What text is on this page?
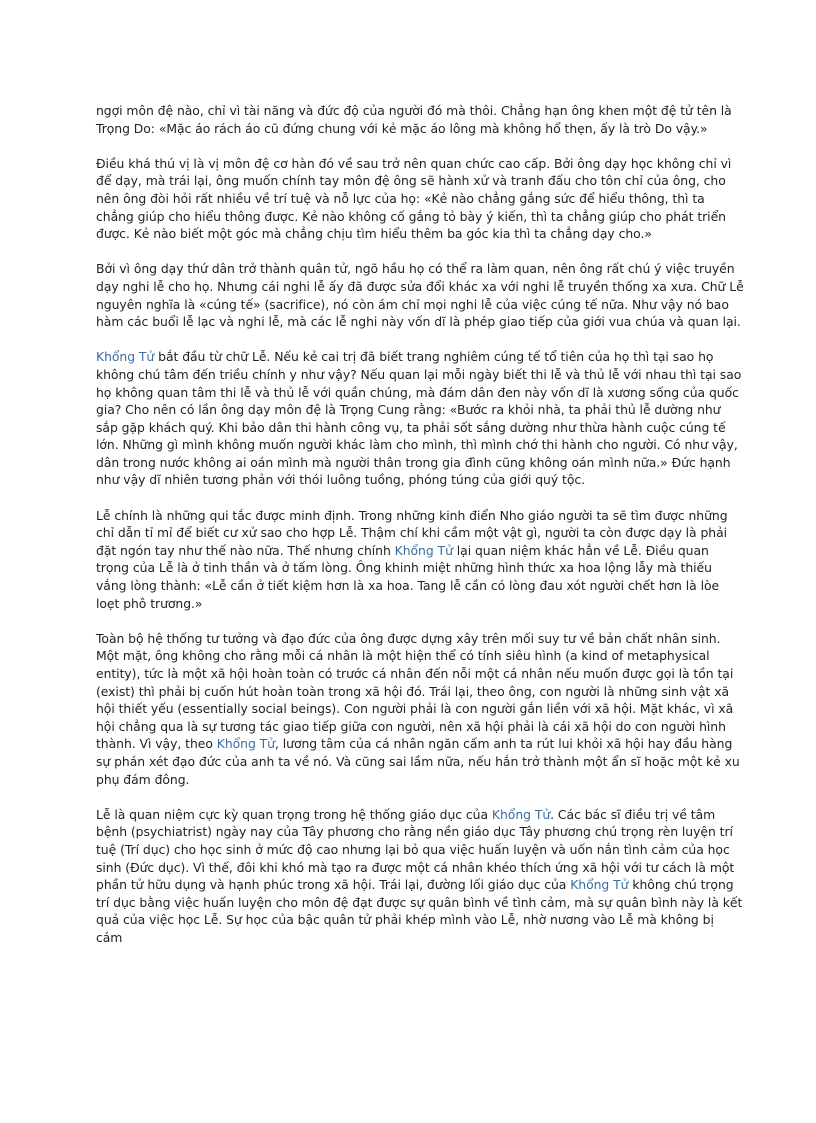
ngợi môn đệ nào, chỉ vì tài năng và đức độ của người đó mà thôi. Chẳng hạn ông khen một đệ tử tên là Trọng Do: «Mặc áo rách áo cũ đứng chung với kẻ mặc áo lông mà không hổ thẹn, ấy là trò Do vậy.»

Điều khá thú vị là vị môn đệ cơ hàn đó về sau trở nên quan chức cao cấp. Bởi ông dạy học không chỉ vì để dạy, mà trái lại, ông muốn chính tay môn đệ ông sẽ hành xử và tranh đấu cho tôn chỉ của ông, cho nên ông đòi hỏi rất nhiều về trí tuệ và nỗ lực của họ: «Kẻ nào chẳng gắng sức để hiểu thông, thì ta chẳng giúp cho hiểu thông được. Kẻ nào không cố gắng tỏ bày ý kiến, thì ta chẳng giúp cho phát triển được. Kẻ nào biết một góc mà chẳng chịu tìm hiểu thêm ba góc kia thì ta chẳng dạy cho.»

Bởi vì ông dạy thứ dân trở thành quân tử, ngõ hầu họ có thể ra làm quan, nên ông rất chú ý việc truyền dạy nghi lễ cho họ. Nhưng cái nghi lễ ấy đã được sửa đổi khác xa với nghi lễ truyền thống xa xưa. Chữ Lễ nguyên nghĩa là «cúng tế» (sacrifice), nó còn ám chỉ mọi nghi lễ của việc cúng tế nữa. Như vậy nó bao hàm các buổi lễ lạc và nghi lễ, mà các lễ nghi này vốn dĩ là phép giao tiếp của giới vua chúa và quan lại.

Khổng Tử bắt đầu từ chữ Lễ. Nếu kẻ cai trị đã biết trang nghiêm cúng tế tổ tiên của họ thì tại sao họ không chú tâm đến triều chính y như vậy? Nếu quan lại mỗi ngày biết thi lễ và thủ lễ với nhau thì tại sao họ không quan tâm thi lễ và thủ lễ với quần chúng, mà đám dân đen này vốn dĩ là xương sống của quốc gia? Cho nên có lần ông dạy môn đệ là Trọng Cung rằng: «Bước ra khỏi nhà, ta phải thủ lễ dường như sắp gặp khách quý. Khi bảo dân thi hành công vụ, ta phải sốt sắng dường như thừa hành cuộc cúng tế lớn. Những gì mình không muốn người khác làm cho mình, thì mình chớ thi hành cho người. Có như vậy, dân trong nước không ai oán mình mà người thân trong gia đình cũng không oán mình nữa.» Đức hạnh như vậy dĩ nhiên tương phản với thói luông tuồng, phóng túng của giới quý tộc.

Lễ chính là những qui tắc được minh định. Trong những kinh điển Nho giáo người ta sẽ tìm được những chỉ dẫn tỉ mỉ để biết cư xử sao cho hợp Lễ. Thậm chí khi cầm một vật gì, người ta còn được dạy là phải đặt ngón tay như thế nào nữa. Thế nhưng chính Khổng Tử lại quan niệm khác hẳn về Lễ. Điều quan trọng của Lễ là ở tinh thần và ở tấm lòng. Ông khinh miệt những hình thức xa hoa lộng lẫy mà thiếu vắng lòng thành: «Lễ cần ở tiết kiệm hơn là xa hoa. Tang lễ cần có lòng đau xót người chết hơn là lòe loẹt phô trương.»

Toàn bộ hệ thống tư tưởng và đạo đức của ông được dựng xây trên mối suy tư về bản chất nhân sinh. Một mặt, ông không cho rằng mỗi cá nhân là một hiện thể có tính siêu hình (a kind of metaphysical entity), tức là một xã hội hoàn toàn có trước cá nhân đến nỗi một cá nhân nếu muốn được gọi là tồn tại (exist) thì phải bị cuốn hút hoàn toàn trong xã hội đó. Trái lại, theo ông, con người là những sinh vật xã hội thiết yếu (essentially social beings). Con người phải là con người gắn liền với xã hội. Mặt khác, vì xã hội chẳng qua là sự tương tác giao tiếp giữa con người, nên xã hội phải là cái xã hội do con người hình thành. Vì vậy, theo Khổng Tử, lương tâm của cá nhân ngăn cấm anh ta rút lui khỏi xã hội hay đầu hàng sự phán xét đạo đức của anh ta về nó. Và cũng sai lầm nữa, nếu hắn trở thành một ẩn sĩ hoặc một kẻ xu phụ đám đông.

Lễ là quan niệm cực kỳ quan trọng trong hệ thống giáo dục của Khổng Tử. Các bác sĩ điều trị về tâm bệnh (psychiatrist) ngày nay của Tây phương cho rằng nền giáo dục Tây phương chú trọng rèn luyện trí tuệ (Trí dục) cho học sinh ở mức độ cao nhưng lại bỏ qua việc huấn luyện và uốn nắn tình cảm của học sinh (Đức dục). Vì thế, đôi khi khó mà tạo ra được một cá nhân khéo thích ứng xã hội với tư cách là một phần tử hữu dụng và hạnh phúc trong xã hội. Trái lại, đường lối giáo dục của Khổng Tử không chú trọng trí dục bằng việc huấn luyện cho môn đệ đạt được sự quân bình về tình cảm, mà sự quân bình này là kết quả của việc học Lễ. Sự học của bậc quân tử phải khép mình vào Lễ, nhờ nương vào Lễ mà không bị cám
